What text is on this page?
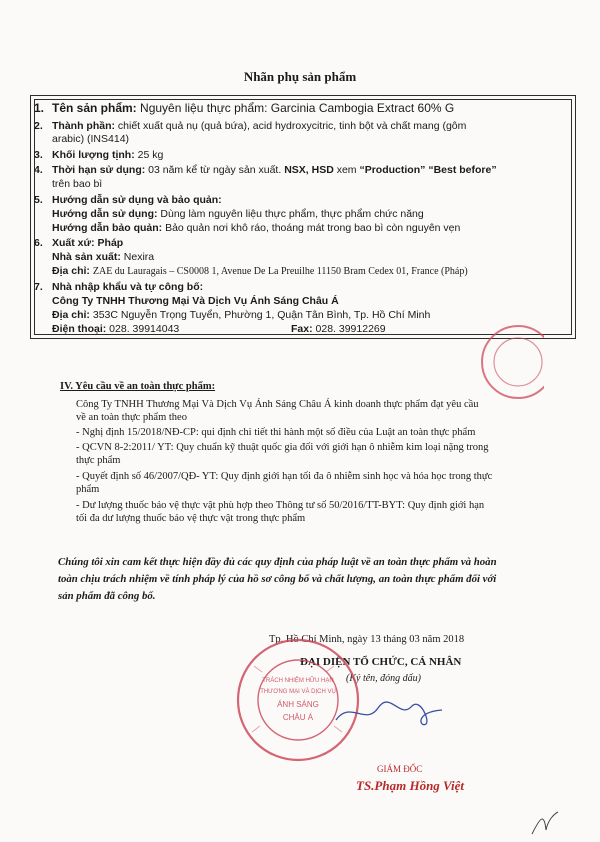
Nhãn phụ sản phẩm
1. Tên sản phẩm: Nguyên liệu thực phẩm: Garcinia Cambogia Extract 60% G
2. Thành phần: chiết xuất quả nụ (quả bứa), acid hydroxycitric, tinh bột và chất mang (gôm
arabic) (INS414)
3. Khối lượng tịnh: 25 kg
4. Thời hạn sử dụng: 03 năm kể từ ngày sản xuất. NSX, HSD xem “Production” “Best before”
trên bao bì
5. Hướng dẫn sử dụng và bảo quản:
Hướng dẫn sử dụng: Dùng làm nguyên liệu thực phẩm, thực phẩm chức năng
Hướng dẫn bảo quản: Bảo quản nơi khô ráo, thoáng mát trong bao bì còn nguyên vẹn
6. Xuất xứ: Pháp
Nhà sản xuất: Nexira
Địa chỉ: ZAE du Lauragais – CS0008 1, Avenue De La Preuilhe 11150 Bram Cedex 01, France (Pháp)
7. Nhà nhập khẩu và tự công bố:
Công Ty TNHH Thương Mại Và Dịch Vụ Ánh Sáng Châu Á
Địa chỉ: 353C Nguyễn Trọng Tuyển, Phường 1, Quận Tân Bình, Tp. Hồ Chí Minh
Điện thoại: 028. 39914043	Fax: 028. 39912269
IV. Yêu cầu về an toàn thực phẩm:
Công Ty TNHH Thương Mại Và Dịch Vụ Ánh Sáng Châu Á kinh doanh thực phẩm đạt yêu cầu
về an toàn thực phẩm theo
- Nghị định 15/2018/NĐ-CP: qui định chi tiết thi hành một số điều của Luật an toàn thực phẩm
- QCVN 8-2:2011/ YT: Quy chuẩn kỹ thuật quốc gia đối với giới hạn ô nhiễm kim loại nặng trong
thực phẩm
- Quyết định số 46/2007/QĐ- YT: Quy định giới hạn tối đa ô nhiễm sinh học và hóa học trong thực
phẩm
- Dư lượng thuốc bảo vệ thực vật phù hợp theo Thông tư số 50/2016/TT-BYT: Quy định giới hạn
tối đa dư lượng thuốc bảo vệ thực vật trong thực phẩm
Chúng tôi xin cam kết thực hiện đầy đủ các quy định của pháp luật về an toàn thực phẩm và hoàn
toàn chịu trách nhiệm về tính pháp lý của hồ sơ công bố và chất lượng, an toàn thực phẩm đối với
sản phẩm đã công bố.
Tp. Hồ Chí Minh, ngày 13 tháng 03 năm 2018
ĐẠI DIỆN TỔ CHỨC, CÁ NHÂN
(Ký tên, đóng dấu)
TRÁCH NHIỆM HỮU HẠN
THƯƠNG MẠI VÀ DỊCH VỤ
ÁNH SÁNG
CHÂU Á
GIÁM ĐỐC
TS.Phạm Hồng Việt
